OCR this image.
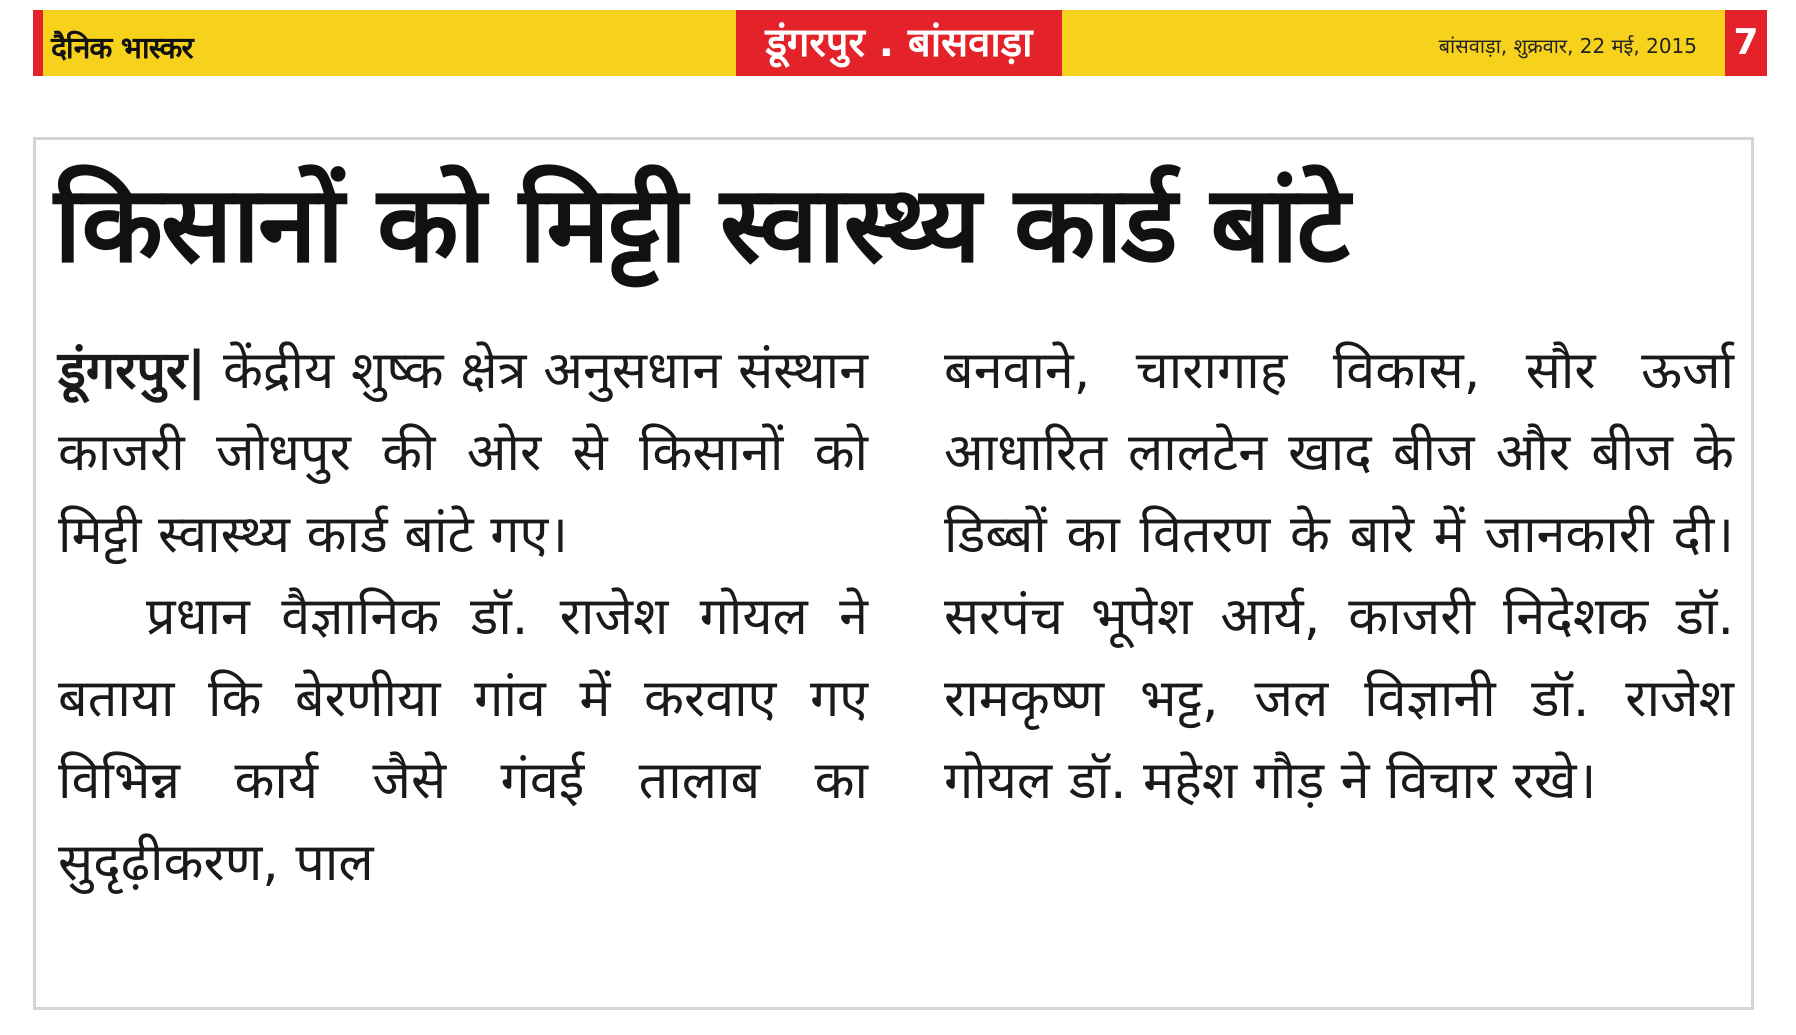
दैनिक भास्कर	डूंगरपुर . बांसवाड़ा	बांसवाड़ा, शुक्रवार, 22 मई, 2015 7
किसानों को मिट्टी स्वास्थ्य कार्ड बांटे

डूंगरपुर| केंद्रीय शुष्क क्षेत्र अनुसधान संस्थान काजरी जोधपुर की ओर से किसानों को मिट्टी स्वास्थ्य कार्ड बांटे गए।

प्रधान वैज्ञानिक डॉ. राजेश गोयल ने बताया कि बेरणीया गांव में करवाए गए विभिन्न कार्य जैसे गंवई तालाब का सुदृढ़ीकरण, पाल

बनवाने, चारागाह विकास, सौर ऊर्जा आधारित लालटेन खाद बीज और बीज के डिब्बों का वितरण के बारे में जानकारी दी। सरपंच भूपेश आर्य, काजरी निदेशक डॉ. रामकृष्ण भट्ट, जल विज्ञानी डॉ. राजेश गोयल डॉ. महेश गौड़ ने विचार रखे।
